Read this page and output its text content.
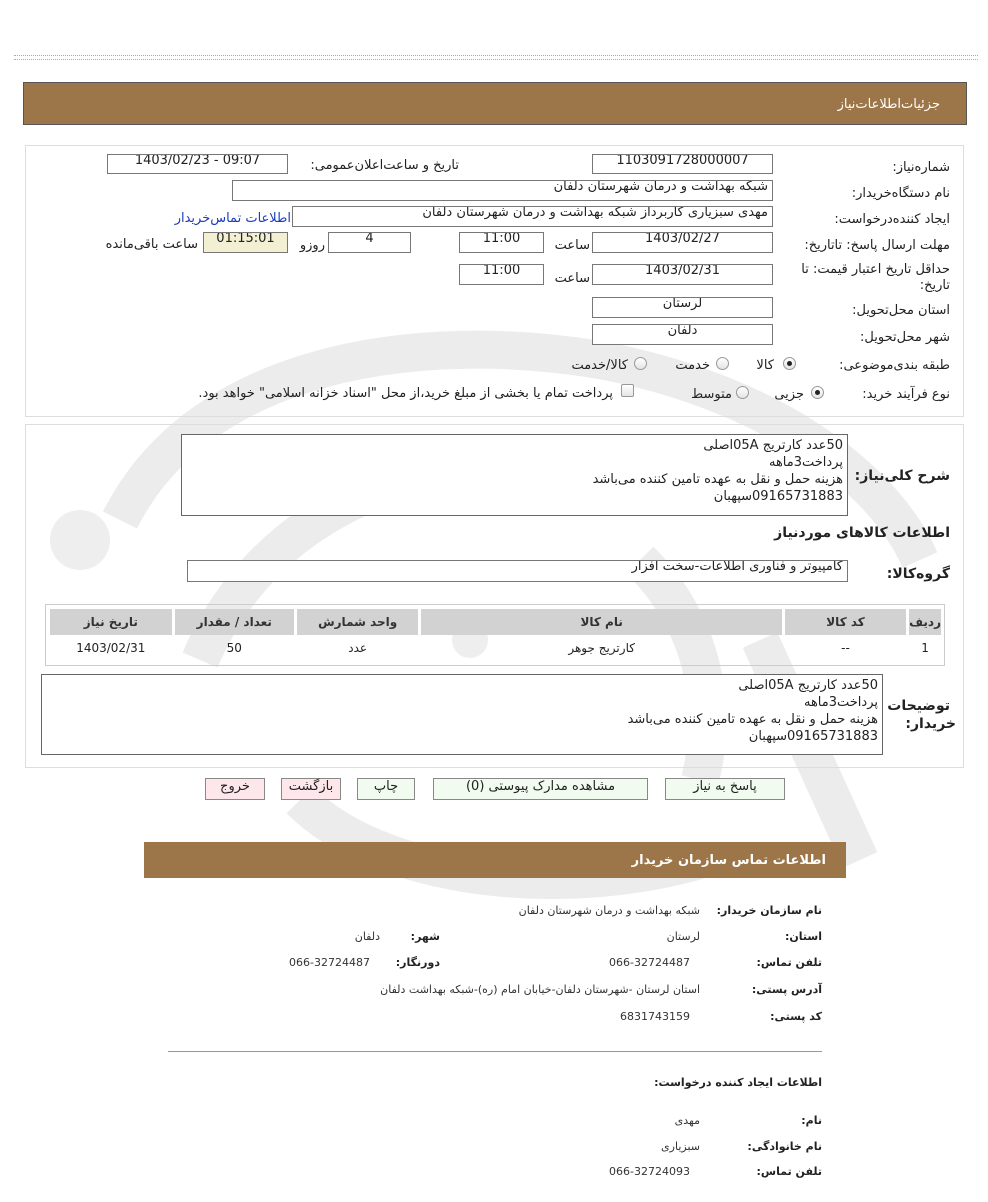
جزئیات‌اطلاعات‌نیاز
شماره‌نیاز:
1103091728000007
تاریخ و ساعت‌اعلان‌عمومی:
1403/02/23 - 09:07
نام دستگاه‌خریدار:
شبکه بهداشت و درمان شهرستان دلفان
ایجاد کننده‌درخواست:
مهدی سبزیاری کاربرداز شبکه بهداشت و درمان شهرستان دلفان
اطلاعات تماس‌خریدار
مهلت ارسال پاسخ: تاتاریخ:
1403/02/27
ساعت
11:00
4
روزو
01:15:01
ساعت باقی‌مانده
حداقل تاریخ اعتبار قیمت: تا تاریخ:
1403/02/31
ساعت
11:00
استان محل‌تحویل:
لرستان
شهر محل‌تحویل:
دلفان
طبقه بندی‌موضوعی:
کالا
خدمت
کالا/خدمت
نوع فرآیند خرید:
جزیی
متوسط
پرداخت تمام یا بخشی از مبلغ خرید،از محل "اسناد خزانه اسلامی" خواهد بود.
شرح کلی‌نیاز:
50عدد کارتریج 05Aاصلی
پرداخت3ماهه
هزینه حمل و نقل به عهده تامین کننده می‌باشد
09165731883سپهبان
اطلاعات کالاهای موردنیاز
گروه‌کالا:
کامپیوتر و فناوری اطلاعات-سخت افزار
ردیف	کد کالا	نام کالا	واحد شمارش	تعداد / مقدار	تاریخ نیاز
1	--	کارتریج جوهر	عدد	50	1403/02/31
توضیحات
خریدار:
50عدد کارتریج 05Aاصلی
پرداخت3ماهه
هزینه حمل و نقل به عهده تامین کننده می‌باشد
09165731883سپهبان
پاسخ به نیاز
مشاهده مدارک پیوستی (0)
چاپ
بازگشت
خروج
اطلاعات تماس سازمان خریدار
نام سازمان خریدار:
شبکه بهداشت و درمان شهرستان دلفان
استان:
لرستان
شهر:
دلفان
تلفن تماس:
066-32724487
دورنگار:
066-32724487
آدرس پستی:
استان لرستان -شهرستان دلفان-خیابان امام (ره)-شبکه بهداشت دلفان
کد پستی:
6831743159
اطلاعات ایجاد کننده درخواست:
نام:
مهدی
نام خانوادگی:
سبزیاری
تلفن تماس:
066-32724093
